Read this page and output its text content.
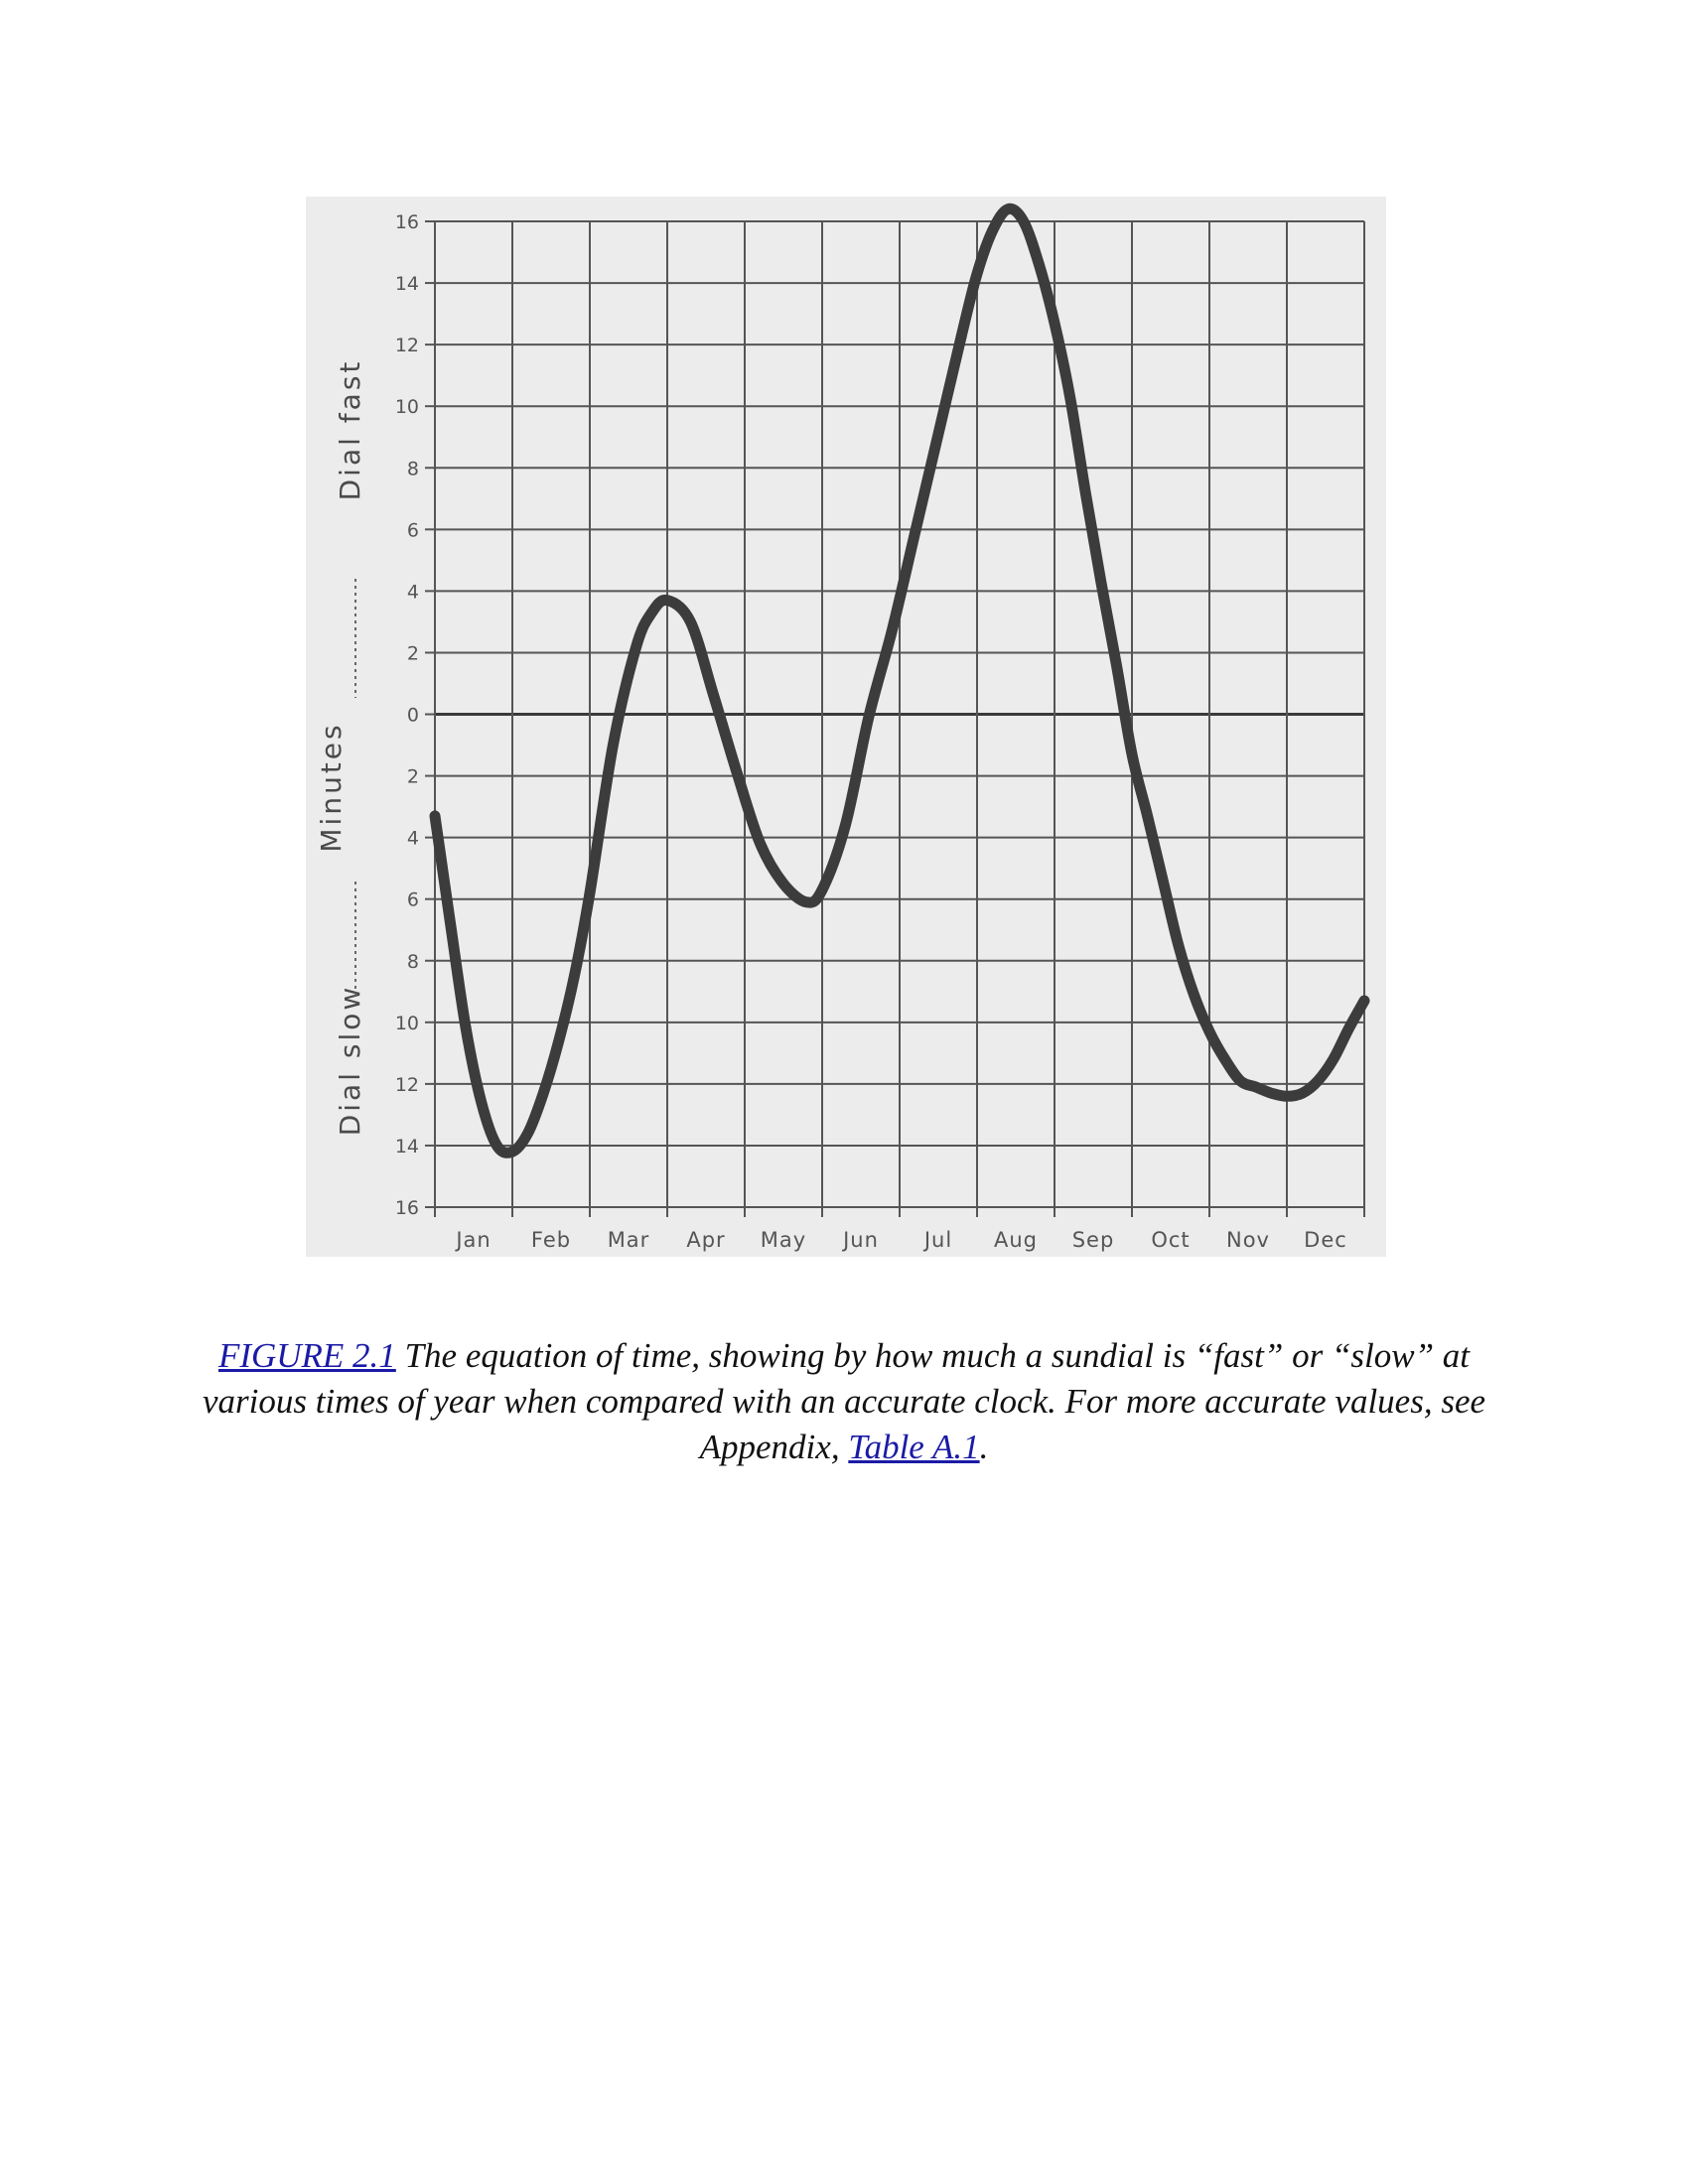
16
14
12
10
8
6
4
2
0
2
4
6
8
10
12
14
16
Jan Feb Mar Apr May Jun Jul Aug Sep Oct Nov Dec
Dial fast
Minutes
Dial slow
FIGURE 2.1 The equation of time, showing by how much a sundial is “fast” or “slow” at various times of year when compared with an accurate clock. For more accurate values, see Appendix, Table A.1.
